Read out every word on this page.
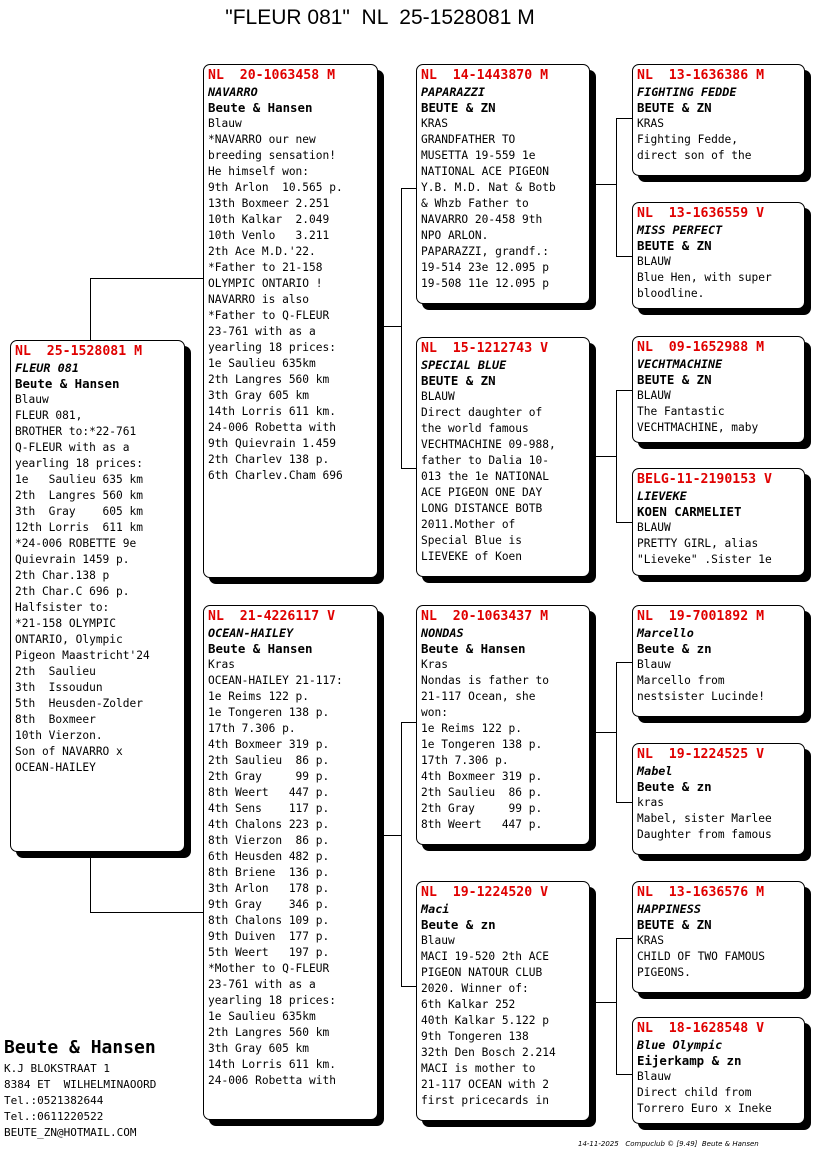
"FLEUR 081"  NL  25-1528081 M
NL  25-1528081 M
FLEUR 081
Beute & Hansen
Blauw
FLEUR 081,
BROTHER to:*22-761
Q-FLEUR with as a
yearling 18 prices:
1e   Saulieu 635 km
2th  Langres 560 km
3th  Gray    605 km
12th Lorris  611 km
*24-006 ROBETTE 9e
Quievrain 1459 p.
2th Char.138 p
2th Char.C 696 p.
Halfsister to:
*21-158 OLYMPIC
ONTARIO, Olympic
Pigeon Maastricht'24
2th  Saulieu
3th  Issoudun
5th  Heusden-Zolder
8th  Boxmeer
10th Vierzon.
Son of NAVARRO x
OCEAN-HAILEY
NL  20-1063458 M
NAVARRO
Beute & Hansen
Blauw
*NAVARRO our new
breeding sensation!
He himself won:
9th Arlon  10.565 p.
13th Boxmeer 2.251
10th Kalkar  2.049
10th Venlo   3.211
2th Ace M.D.'22.
*Father to 21-158
OLYMPIC ONTARIO !
NAVARRO is also
*Father to Q-FLEUR
23-761 with as a
yearling 18 prices:
1e Saulieu 635km
2th Langres 560 km
3th Gray 605 km
14th Lorris 611 km.
24-006 Robetta with
9th Quievrain 1.459
2th Charlev 138 p.
6th Charlev.Cham 696
NL  21-4226117 V
OCEAN-HAILEY
Beute & Hansen
Kras
OCEAN-HAILEY 21-117:
1e Reims 122 p.
1e Tongeren 138 p.
17th 7.306 p.
4th Boxmeer 319 p.
2th Saulieu  86 p.
2th Gray     99 p.
8th Weert   447 p.
4th Sens    117 p.
4th Chalons 223 p.
8th Vierzon  86 p.
6th Heusden 482 p.
8th Briene  136 p.
3th Arlon   178 p.
9th Gray    346 p.
8th Chalons 109 p.
9th Duiven  177 p.
5th Weert   197 p.
*Mother to Q-FLEUR
23-761 with as a
yearling 18 prices:
1e Saulieu 635km
2th Langres 560 km
3th Gray 605 km
14th Lorris 611 km.
24-006 Robetta with
NL  14-1443870 M
PAPARAZZI
BEUTE & ZN
KRAS
GRANDFATHER TO
MUSETTA 19-559 1e
NATIONAL ACE PIGEON
Y.B. M.D. Nat & Botb
& Whzb Father to
NAVARRO 20-458 9th
NPO ARLON.
PAPARAZZI, grandf.:
19-514 23e 12.095 p
19-508 11e 12.095 p
NL  15-1212743 V
SPECIAL BLUE
BEUTE & ZN
BLAUW
Direct daughter of
the world famous
VECHTMACHINE 09-988,
father to Dalia 10-
013 the 1e NATIONAL
ACE PIGEON ONE DAY
LONG DISTANCE BOTB
2011.Mother of
Special Blue is
LIEVEKE of Koen
NL  20-1063437 M
NONDAS
Beute & Hansen
Kras
Nondas is father to
21-117 Ocean, she
won:
1e Reims 122 p.
1e Tongeren 138 p.
17th 7.306 p.
4th Boxmeer 319 p.
2th Saulieu  86 p.
2th Gray     99 p.
8th Weert   447 p.
NL  19-1224520 V
Maci
Beute & zn
Blauw
MACI 19-520 2th ACE
PIGEON NATOUR CLUB
2020. Winner of:
6th Kalkar 252
40th Kalkar 5.122 p
9th Tongeren 138
32th Den Bosch 2.214
MACI is mother to
21-117 OCEAN with 2
first pricecards in
NL  13-1636386 M
FIGHTING FEDDE
BEUTE & ZN
KRAS
Fighting Fedde,
direct son of the
NL  13-1636559 V
MISS PERFECT
BEUTE & ZN
BLAUW
Blue Hen, with super
bloodline.
NL  09-1652988 M
VECHTMACHINE
BEUTE & ZN
BLAUW
The Fantastic
VECHTMACHINE, maby
BELG-11-2190153 V
LIEVEKE
KOEN CARMELIET
BLAUW
PRETTY GIRL, alias
"Lieveke" .Sister 1e
NL  19-7001892 M
Marcello
Beute & zn
Blauw
Marcello from
nestsister Lucinde!
NL  19-1224525 V
Mabel
Beute & zn
kras
Mabel, sister Marlee
Daughter from famous
NL  13-1636576 M
HAPPINESS
BEUTE & ZN
KRAS
CHILD OF TWO FAMOUS
PIGEONS.
NL  18-1628548 V
Blue Olympic
Eijerkamp & zn
Blauw
Direct child from
Torrero Euro x Ineke
Beute & Hansen
K.J BLOKSTRAAT 1
8384 ET  WILHELMINAOORD
Tel.:0521382644
Tel.:0611220522
BEUTE_ZN@HOTMAIL.COM
14-11-2025   Compuclub © [9.49]  Beute & Hansen
